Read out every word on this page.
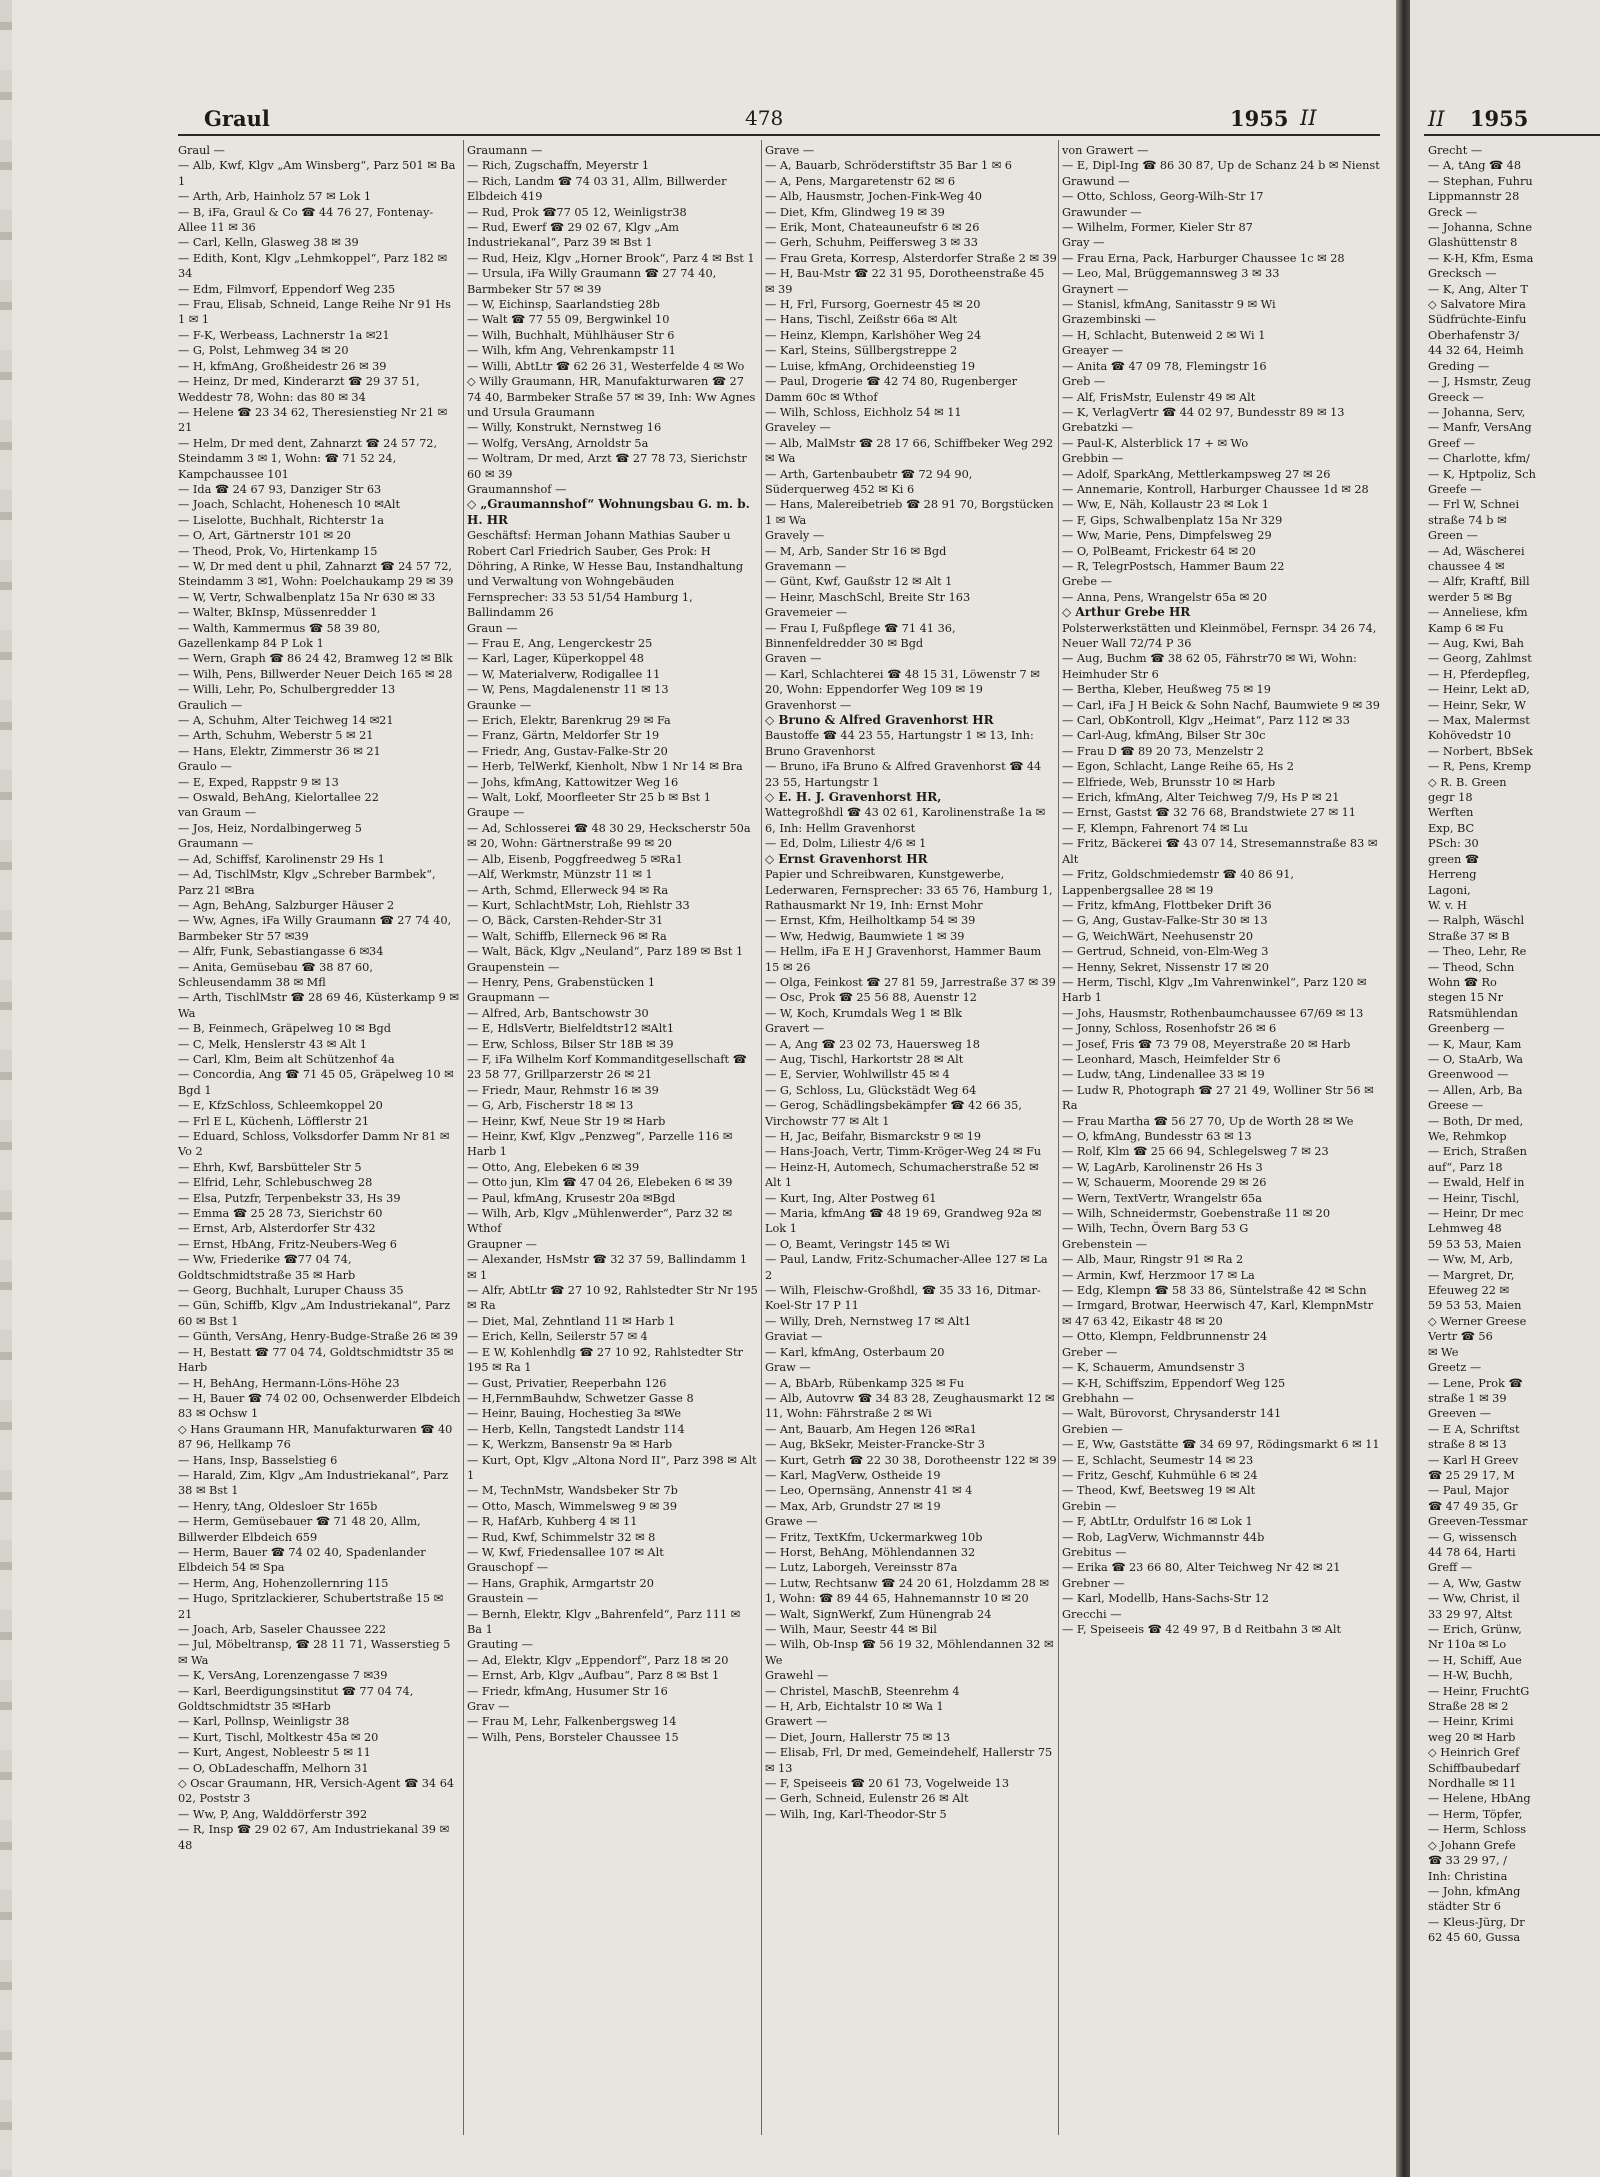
Graul	478	1955 II
Graul —
— Alb, Kwf, Klgv „Am Winsberg“, Parz 501 ✉ Ba 1
— Arth, Arb, Hainholz 57 ✉ Lok 1
— B, iFa, Graul & Co ☎ 44 76 27, Fontenay-Allee 11 ✉ 36
— Carl, Kelln, Glasweg 38 ✉ 39
— Edith, Kont, Klgv „Lehmkoppel“, Parz 182 ✉ 34
— Edm, Filmvorf, Eppendorf Weg 235
— Frau, Elisab, Schneid, Lange Reihe Nr 91 Hs 1 ✉ 1
— F-K, Werbeass, Lachnerstr 1a ✉21
— G, Polst, Lehmweg 34 ✉ 20
— H, kfmAng, Großheidestr 26 ✉ 39
— Heinz, Dr med, Kinderarzt ☎ 29 37 51, Weddestr 78, Wohn: das 80 ✉ 34
— Helene ☎ 23 34 62, Theresienstieg Nr 21 ✉ 21
— Helm, Dr med dent, Zahnarzt ☎ 24 57 72, Steindamm 3 ✉ 1, Wohn: ☎ 71 52 24, Kampchaussee 101
— Ida ☎ 24 67 93, Danziger Str 63
— Joach, Schlacht, Hohenesch 10 ✉Alt
— Liselotte, Buchhalt, Richterstr 1a
— O, Art, Gärtnerstr 101 ✉ 20
— Theod, Prok, Vo, Hirtenkamp 15
— W, Dr med dent u phil, Zahnarzt ☎ 24 57 72, Steindamm 3 ✉1, Wohn: Poelchaukamp 29 ✉ 39
— W, Vertr, Schwalbenplatz 15a Nr 630 ✉ 33
— Walter, BkInsp, Müssenredder 1
— Walth, Kammermus ☎ 58 39 80, Gazellenkamp 84 P Lok 1
— Wern, Graph ☎ 86 24 42, Bramweg 12 ✉ Blk
— Wilh, Pens, Billwerder Neuer Deich 165 ✉ 28
— Willi, Lehr, Po, Schulbergredder 13
Graulich —
— A, Schuhm, Alter Teichweg 14 ✉21
— Arth, Schuhm, Weberstr 5 ✉ 21
— Hans, Elektr, Zimmerstr 36 ✉ 21
Graulo —
— E, Exped, Rappstr 9 ✉ 13
— Oswald, BehAng, Kielortallee 22
van Graum —
— Jos, Heiz, Nordalbingerweg 5
Graumann —
— Ad, Schiffsf, Karolinenstr 29 Hs 1
— Ad, TischlMstr, Klgv „Schreber Barmbek“, Parz 21 ✉Bra
— Agn, BehAng, Salzburger Häuser 2
— Ww, Agnes, iFa Willy Graumann ☎ 27 74 40, Barmbeker Str 57 ✉39
— Alfr, Funk, Sebastiangasse 6 ✉34
— Anita, Gemüsebau ☎ 38 87 60, Schleusendamm 38 ✉ Mfl
— Arth, TischlMstr ☎ 28 69 46, Küsterkamp 9 ✉ Wa
— B, Feinmech, Gräpelweg 10 ✉ Bgd
— C, Melk, Henslerstr 43 ✉ Alt 1
— Carl, Klm, Beim alt Schützenhof 4a
— Concordia, Ang ☎ 71 45 05, Gräpelweg 10 ✉ Bgd 1
— E, KfzSchloss, Schleemkoppel 20
— Frl E L, Küchenh, Löfflerstr 21
— Eduard, Schloss, Volksdorfer Damm Nr 81 ✉ Vo 2
— Ehrh, Kwf, Barsbütteler Str 5
— Elfrid, Lehr, Schlebuschweg 28
— Elsa, Putzfr, Terpenbekstr 33, Hs 39
— Emma ☎ 25 28 73, Sierichstr 60
— Ernst, Arb, Alsterdorfer Str 432
— Ernst, HbAng, Fritz-Neubers-Weg 6
— Ww, Friederike ☎77 04 74, Goldtschmidtstraße 35 ✉ Harb
— Georg, Buchhalt, Luruper Chauss 35
— Gün, Schiffb, Klgv „Am Industriekanal“, Parz 60 ✉ Bst 1
— Günth, VersAng, Henry-Budge-Straße 26 ✉ 39
— H, Bestatt ☎ 77 04 74, Goldtschmidtstr 35 ✉ Harb
— H, BehAng, Hermann-Löns-Höhe 23
— H, Bauer ☎ 74 02 00, Ochsenwerder Elbdeich 83 ✉ Ochsw 1
◇ Hans Graumann HR, Manufakturwaren ☎ 40 87 96, Hellkamp 76
— Hans, Insp, Basselstieg 6
— Harald, Zim, Klgv „Am Industriekanal“, Parz 38 ✉ Bst 1
— Henry, tAng, Oldesloer Str 165b
— Herm, Gemüsebauer ☎ 71 48 20, Allm, Billwerder Elbdeich 659
— Herm, Bauer ☎ 74 02 40, Spadenlander Elbdeich 54 ✉ Spa
— Herm, Ang, Hohenzollernring 115
— Hugo, Spritzlackierer, Schubertstraße 15 ✉ 21
— Joach, Arb, Saseler Chaussee 222
— Jul, Möbeltransp, ☎ 28 11 71, Wasserstieg 5 ✉ Wa
— K, VersAng, Lorenzengasse 7 ✉39
— Karl, Beerdigungsinstitut ☎ 77 04 74, Goldtschmidtstr 35 ✉Harb
— Karl, Pollnsp, Weinligstr 38
— Kurt, Tischl, Moltkestr 45a ✉ 20
— Kurt, Angest, Nobleestr 5 ✉ 11
— O, ObLadeschaffn, Melhorn 31
◇ Oscar Graumann, HR, Versich-Agent ☎ 34 64 02, Poststr 3
— Ww, P, Ang, Walddörferstr 392
— R, Insp ☎ 29 02 67, Am Industriekanal 39 ✉ 48
Graumann —
— Rich, Zugschaffn, Meyerstr 1
— Rich, Landm ☎ 74 03 31, Allm, Billwerder Elbdeich 419
— Rud, Prok ☎77 05 12, Weinligstr38
— Rud, Ewerf ☎ 29 02 67, Klgv „Am Industriekanal“, Parz 39 ✉ Bst 1
— Rud, Heiz, Klgv „Horner Brook“, Parz 4 ✉ Bst 1
— Ursula, iFa Willy Graumann ☎ 27 74 40, Barmbeker Str 57 ✉ 39
— W, Eichinsp, Saarlandstieg 28b
— Walt ☎ 77 55 09, Bergwinkel 10
— Wilh, Buchhalt, Mühlhäuser Str 6
— Wilh, kfm Ang, Vehrenkampstr 11
— Willi, AbtLtr ☎ 62 26 31, Westerfelde 4 ✉ Wo
◇ Willy Graumann, HR, Manufakturwaren ☎ 27 74 40, Barmbeker Straße 57 ✉ 39, Inh: Ww Agnes und Ursula Graumann
— Willy, Konstrukt, Nernstweg 16
— Wolfg, VersAng, Arnoldstr 5a
— Woltram, Dr med, Arzt ☎ 27 78 73, Sierichstr 60 ✉ 39
Graumannshof —
◇ „Graumannshof“ Wohnungsbau G. m. b. H. HR
Geschäftsf: Herman Johann Mathias Sauber u Robert Carl Friedrich Sauber, Ges Prok: H Döhring, A Rinke, W Hesse Bau, Instandhaltung und Verwaltung von Wohngebäuden Fernsprecher: 33 53 51/54 Hamburg 1, Ballindamm 26
Graun —
— Frau E, Ang, Lengerckestr 25
— Karl, Lager, Küperkoppel 48
— W, Materialverw, Rodigallee 11
— W, Pens, Magdalenenstr 11 ✉ 13
Graunke —
— Erich, Elektr, Barenkrug 29 ✉ Fa
— Franz, Gärtn, Meldorfer Str 19
— Friedr, Ang, Gustav-Falke-Str 20
— Herb, TelWerkf, Kienholt, Nbw 1 Nr 14 ✉ Bra
— Johs, kfmAng, Kattowitzer Weg 16
— Walt, Lokf, Moorfleeter Str 25 b ✉ Bst 1
Graupe —
— Ad, Schlosserei ☎ 48 30 29, Heckscherstr 50a ✉ 20, Wohn: Gärtnerstraße 99 ✉ 20
— Alb, Eisenb, Poggfreedweg 5 ✉Ra1
—Alf, Werkmstr, Münzstr 11 ✉ 1
— Arth, Schmd, Ellerweck 94 ✉ Ra
— Kurt, SchlachtMstr, Loh, Riehlstr 33
— O, Bäck, Carsten-Rehder-Str 31
— Walt, Schiffb, Ellerneck 96 ✉ Ra
— Walt, Bäck, Klgv „Neuland“, Parz 189 ✉ Bst 1
Graupenstein —
— Henry, Pens, Grabenstücken 1
Graupmann —
— Alfred, Arb, Bantschowstr 30
— E, HdlsVertr, Bielfeldtstr12 ✉Alt1
— Erw, Schloss, Bilser Str 18B ✉ 39
— F, iFa Wilhelm Korf Kommanditgesellschaft ☎ 23 58 77, Grillparzerstr 26 ✉ 21
— Friedr, Maur, Rehmstr 16 ✉ 39
— G, Arb, Fischerstr 18 ✉ 13
— Heinr, Kwf, Neue Str 19 ✉ Harb
— Heinr, Kwf, Klgv „Penzweg“, Parzelle 116 ✉ Harb 1
— Otto, Ang, Elebeken 6 ✉ 39
— Otto jun, Klm ☎ 47 04 26, Elebeken 6 ✉ 39
— Paul, kfmAng, Krusestr 20a ✉Bgd
— Wilh, Arb, Klgv „Mühlenwerder“, Parz 32 ✉ Wthof
Graupner —
— Alexander, HsMstr ☎ 32 37 59, Ballindamm 1 ✉ 1
— Alfr, AbtLtr ☎ 27 10 92, Rahlstedter Str Nr 195 ✉ Ra
— Diet, Mal, Zehntland 11 ✉ Harb 1
— Erich, Kelln, Seilerstr 57 ✉ 4
— E W, Kohlenhdlg ☎ 27 10 92, Rahlstedter Str 195 ✉ Ra 1
— Gust, Privatier, Reeperbahn 126
— H,FernmBauhdw, Schwetzer Gasse 8
— Heinr, Bauing, Hochestieg 3a ✉We
— Herb, Kelln, Tangstedt Landstr 114
— K, Werkzm, Bansenstr 9a ✉ Harb
— Kurt, Opt, Klgv „Altona Nord II“, Parz 398 ✉ Alt 1
— M, TechnMstr, Wandsbeker Str 7b
— Otto, Masch, Wimmelsweg 9 ✉ 39
— R, HafArb, Kuhberg 4 ✉ 11
— Rud, Kwf, Schimmelstr 32 ✉ 8
— W, Kwf, Friedensallee 107 ✉ Alt
Grauschopf —
— Hans, Graphik, Armgartstr 20
Graustein —
— Bernh, Elektr, Klgv „Bahrenfeld“, Parz 111 ✉ Ba 1
Grauting —
— Ad, Elektr, Klgv „Eppendorf“, Parz 18 ✉ 20
— Ernst, Arb, Klgv „Aufbau“, Parz 8 ✉ Bst 1
— Friedr, kfmAng, Husumer Str 16
Grav —
— Frau M, Lehr, Falkenbergsweg 14
— Wilh, Pens, Borsteler Chaussee 15
Grave —
— A, Bauarb, Schröderstiftstr 35 Bar 1 ✉ 6
— A, Pens, Margaretenstr 62 ✉ 6
— Alb, Hausmstr, Jochen-Fink-Weg 40
— Diet, Kfm, Glindweg 19 ✉ 39
— Erik, Mont, Chateauneufstr 6 ✉ 26
— Gerh, Schuhm, Peiffersweg 3 ✉ 33
— Frau Greta, Korresp, Alsterdorfer Straße 2 ✉ 39
— H, Bau-Mstr ☎ 22 31 95, Dorotheenstraße 45 ✉ 39
— H, Frl, Fursorg, Goernestr 45 ✉ 20
— Hans, Tischl, Zeißstr 66a ✉ Alt
— Heinz, Klempn, Karlshöher Weg 24
— Karl, Steins, Süllbergstreppe 2
— Luise, kfmAng, Orchideenstieg 19
— Paul, Drogerie ☎ 42 74 80, Rugenberger Damm 60c ✉ Wthof
— Wilh, Schloss, Eichholz 54 ✉ 11
Graveley —
— Alb, MalMstr ☎ 28 17 66, Schiffbeker Weg 292 ✉ Wa
— Arth, Gartenbaubetr ☎ 72 94 90, Süderquerweg 452 ✉ Ki 6
— Hans, Malereibetrieb ☎ 28 91 70, Borgstücken 1 ✉ Wa
Gravely —
— M, Arb, Sander Str 16 ✉ Bgd
Gravemann —
— Günt, Kwf, Gaußstr 12 ✉ Alt 1
— Heinr, MaschSchl, Breite Str 163
Gravemeier —
— Frau I, Fußpflege ☎ 71 41 36, Binnenfeldredder 30 ✉ Bgd
Graven —
— Karl, Schlachterei ☎ 48 15 31, Löwenstr 7 ✉ 20, Wohn: Eppendorfer Weg 109 ✉ 19
Gravenhorst —
◇ Bruno & Alfred Gravenhorst HR
Baustoffe ☎ 44 23 55, Hartungstr 1 ✉ 13, Inh: Bruno Gravenhorst
— Bruno, iFa Bruno & Alfred Gravenhorst ☎ 44 23 55, Hartungstr 1
◇ E. H. J. Gravenhorst HR,
Wattegroßhdl ☎ 43 02 61, Karolinenstraße 1a ✉ 6, Inh: Hellm Gravenhorst
— Ed, Dolm, Liliestr 4/6 ✉ 1
◇ Ernst Gravenhorst HR
Papier und Schreibwaren, Kunstgewerbe, Lederwaren, Fernsprecher: 33 65 76, Hamburg 1, Rathausmarkt Nr 19, Inh: Ernst Mohr
— Ernst, Kfm, Heilholtkamp 54 ✉ 39
— Ww, Hedwig, Baumwiete 1 ✉ 39
— Hellm, iFa E H J Gravenhorst, Hammer Baum 15 ✉ 26
— Olga, Feinkost ☎ 27 81 59, Jarrestraße 37 ✉ 39
— Osc, Prok ☎ 25 56 88, Auenstr 12
— W, Koch, Krumdals Weg 1 ✉ Blk
Gravert —
— A, Ang ☎ 23 02 73, Hauersweg 18
— Aug, Tischl, Harkortstr 28 ✉ Alt
— E, Servier, Wohlwillstr 45 ✉ 4
— G, Schloss, Lu, Glückstädt Weg 64
— Gerog, Schädlingsbekämpfer ☎ 42 66 35, Virchowstr 77 ✉ Alt 1
— H, Jac, Beifahr, Bismarckstr 9 ✉ 19
— Hans-Joach, Vertr, Timm-Kröger-Weg 24 ✉ Fu
— Heinz-H, Automech, Schumacherstraße 52 ✉ Alt 1
— Kurt, Ing, Alter Postweg 61
— Maria, kfmAng ☎ 48 19 69, Grandweg 92a ✉ Lok 1
— O, Beamt, Veringstr 145 ✉ Wi
— Paul, Landw, Fritz-Schumacher-Allee 127 ✉ La 2
— Wilh, Fleischw-Großhdl, ☎ 35 33 16, Ditmar-Koel-Str 17 P 11
— Willy, Dreh, Nernstweg 17 ✉ Alt1
Graviat —
— Karl, kfmAng, Osterbaum 20
Graw —
— A, BbArb, Rübenkamp 325 ✉ Fu
— Alb, Autovrw ☎ 34 83 28, Zeughausmarkt 12 ✉ 11, Wohn: Fährstraße 2 ✉ Wi
— Ant, Bauarb, Am Hegen 126 ✉Ra1
— Aug, BkSekr, Meister-Francke-Str 3
— Kurt, Getrh ☎ 22 30 38, Dorotheenstr 122 ✉ 39
— Karl, MagVerw, Ostheide 19
— Leo, Opernsäng, Annenstr 41 ✉ 4
— Max, Arb, Grundstr 27 ✉ 19
Grawe —
— Fritz, TextKfm, Uckermarkweg 10b
— Horst, BehAng, Möhlendannen 32
— Lutz, Laborgeh, Vereinsstr 87a
— Lutw, Rechtsanw ☎ 24 20 61, Holzdamm 28 ✉ 1, Wohn: ☎ 89 44 65, Hahnemannstr 10 ✉ 20
— Walt, SignWerkf, Zum Hünengrab 24
— Wilh, Maur, Seestr 44 ✉ Bil
— Wilh, Ob-Insp ☎ 56 19 32, Möhlendannen 32 ✉ We
Grawehl —
— Christel, MaschB, Steenrehm 4
— H, Arb, Eichtalstr 10 ✉ Wa 1
Grawert —
— Diet, Journ, Hallerstr 75 ✉ 13
— Elisab, Frl, Dr med, Gemeindehelf, Hallerstr 75 ✉ 13
— F, Speiseeis ☎ 20 61 73, Vogelweide 13
— Gerh, Schneid, Eulenstr 26 ✉ Alt
— Wilh, Ing, Karl-Theodor-Str 5
von Grawert —
— E, Dipl-Ing ☎ 86 30 87, Up de Schanz 24 b ✉ Nienst
Grawund —
— Otto, Schloss, Georg-Wilh-Str 17
Grawunder —
— Wilhelm, Former, Kieler Str 87
Gray —
— Frau Erna, Pack, Harburger Chaussee 1c ✉ 28
— Leo, Mal, Brüggemannsweg 3 ✉ 33
Graynert —
— Stanisl, kfmAng, Sanitasstr 9 ✉ Wi
Grazembinski —
— H, Schlacht, Butenweid 2 ✉ Wi 1
Greayer —
— Anita ☎ 47 09 78, Flemingstr 16
Greb —
— Alf, FrisMstr, Eulenstr 49 ✉ Alt
— K, VerlagVertr ☎ 44 02 97, Bundesstr 89 ✉ 13
Grebatzki —
— Paul-K, Alsterblick 17 + ✉ Wo
Grebbin —
— Adolf, SparkAng, Mettlerkampsweg 27 ✉ 26
— Annemarie, Kontroll, Harburger Chaussee 1d ✉ 28
— Ww, E, Näh, Kollaustr 23 ✉ Lok 1
— F, Gips, Schwalbenplatz 15a Nr 329
— Ww, Marie, Pens, Dimpfelsweg 29
— O, PolBeamt, Frickestr 64 ✉ 20
— R, TelegrPostsch, Hammer Baum 22
Grebe —
— Anna, Pens, Wrangelstr 65a ✉ 20
◇ Arthur Grebe HR
Polsterwerkstätten und Kleinmöbel, Fernspr. 34 26 74, Neuer Wall 72/74 P 36
— Aug, Buchm ☎ 38 62 05, Fährstr70 ✉ Wi, Wohn: Heimhuder Str 6
— Bertha, Kleber, Heußweg 75 ✉ 19
— Carl, iFa J H Beick & Sohn Nachf, Baumwiete 9 ✉ 39
— Carl, ObKontroll, Klgv „Heimat“, Parz 112 ✉ 33
— Carl-Aug, kfmAng, Bilser Str 30c
— Frau D ☎ 89 20 73, Menzelstr 2
— Egon, Schlacht, Lange Reihe 65, Hs 2
— Elfriede, Web, Brunsstr 10 ✉ Harb
— Erich, kfmAng, Alter Teichweg 7/9, Hs P ✉ 21
— Ernst, Gastst ☎ 32 76 68, Brandstwiete 27 ✉ 11
— F, Klempn, Fahrenort 74 ✉ Lu
— Fritz, Bäckerei ☎ 43 07 14, Stresemannstraße 83 ✉ Alt
— Fritz, Goldschmiedemstr ☎ 40 86 91, Lappenbergsallee 28 ✉ 19
— Fritz, kfmAng, Flottbeker Drift 36
— G, Ang, Gustav-Falke-Str 30 ✉ 13
— G, WeichWärt, Neehusenstr 20
— Gertrud, Schneid, von-Elm-Weg 3
— Henny, Sekret, Nissenstr 17 ✉ 20
— Herm, Tischl, Klgv „Im Vahrenwinkel“, Parz 120 ✉ Harb 1
— Johs, Hausmstr, Rothenbaumchaussee 67/69 ✉ 13
— Jonny, Schloss, Rosenhofstr 26 ✉ 6
— Josef, Fris ☎ 73 79 08, Meyerstraße 20 ✉ Harb
— Leonhard, Masch, Heimfelder Str 6
— Ludw, tAng, Lindenallee 33 ✉ 19
— Ludw R, Photograph ☎ 27 21 49, Wolliner Str 56 ✉ Ra
— Frau Martha ☎ 56 27 70, Up de Worth 28 ✉ We
— O, kfmAng, Bundesstr 63 ✉ 13
— Rolf, Klm ☎ 25 66 94, Schlegelsweg 7 ✉ 23
— W, LagArb, Karolinenstr 26 Hs 3
— W, Schauerm, Moorende 29 ✉ 26
— Wern, TextVertr, Wrangelstr 65a
— Wilh, Schneidermstr, Goebenstraße 11 ✉ 20
— Wilh, Techn, Övern Barg 53 G
Grebenstein —
— Alb, Maur, Ringstr 91 ✉ Ra 2
— Armin, Kwf, Herzmoor 17 ✉ La
— Edg, Klempn ☎ 58 33 86, Süntelstraße 42 ✉ Schn
— Irmgard, Brotwar, Heerwisch 47, Karl, KlempnMstr ✉ 47 63 42, Eikastr 48 ✉ 20
— Otto, Klempn, Feldbrunnenstr 24
Greber —
— K, Schauerm, Amundsenstr 3
— K-H, Schiffszim, Eppendorf Weg 125
Grebhahn —
— Walt, Bürovorst, Chrysanderstr 141
Grebien —
— E, Ww, Gaststätte ☎ 34 69 97, Rödingsmarkt 6 ✉ 11
— E, Schlacht, Seumestr 14 ✉ 23
— Fritz, Geschf, Kuhmühle 6 ✉ 24
— Theod, Kwf, Beetsweg 19 ✉ Alt
Grebin —
— F, AbtLtr, Ordulfstr 16 ✉ Lok 1
— Rob, LagVerw, Wichmannstr 44b
Grebitus —
— Erika ☎ 23 66 80, Alter Teichweg Nr 42 ✉ 21
Grebner —
— Karl, Modellb, Hans-Sachs-Str 12
Grecchi —
— F, Speiseeis ☎ 42 49 97, B d Reitbahn 3 ✉ Alt
II 1955
Grecht —
— A, tAng ☎ 48
— Stephan, Fuhru
Lippmannstr 28
Greck —
— Johanna, Schne
Glashüttenstr 8
— K-H, Kfm, Esma
Grecksch —
— K, Ang, Alter T
◇ Salvatore Mira
Südfrüchte-Einfu
Oberhafenstr 3/
44 32 64, Heimh
Greding —
— J, Hsmstr, Zeug
Greeck —
— Johanna, Serv,
— Manfr, VersAng
Greef —
— Charlotte, kfm/
— K, Hptpoliz, Sch
Greefe —
— Frl W, Schnei
straße 74 b ✉
Green —
— Ad, Wäscherei
chaussee 4 ✉
— Alfr, Kraftf, Bill
werder 5 ✉ Bg
— Anneliese, kfm
Kamp 6 ✉ Fu
— Aug, Kwi, Bah
— Georg, Zahlmst
— H, Pferdepfleg,
— Heinr, Lekt aD,
— Heinr, Sekr, W
— Max, Malermst
Kohövedstr 10
— Norbert, BbSek
— R, Pens, Kremp
◇ R. B. Green
gegr 18
Werften
Exp, BC
PSch: 30
green ☎
Herreng
Lagoni,
W. v. H
— Ralph, Wäschl
Straße 37 ✉ B
— Theo, Lehr, Re
— Theod, Schn
Wohn ☎ Ro
stegen 15 Nr
Ratsmühlendan
Greenberg —
— K, Maur, Kam
— O, StaArb, Wa
Greenwood —
— Allen, Arb, Ba
Greese —
— Both, Dr med,
We, Rehmkop
— Erich, Straßen
auf“, Parz 18
— Ewald, Helf in
— Heinr, Tischl,
— Heinr, Dr mec
Lehmweg 48
59 53 53, Maien
— Ww, M, Arb,
— Margret, Dr,
Efeuweg 22 ✉
59 53 53, Maien
◇ Werner Greese
Vertr ☎ 56
✉ We
Greetz —
— Lene, Prok ☎
straße 1 ✉ 39
Greeven —
— E A, Schriftst
straße 8 ✉ 13
— Karl H Greev
☎ 25 29 17, M
— Paul, Major
☎ 47 49 35, Gr
Greeven-Tessmar
— G, wissensch
44 78 64, Harti
Greff —
— A, Ww, Gastw
— Ww, Christ, il
33 29 97, Altst
— Erich, Grünw,
Nr 110a ✉ Lo
— H, Schiff, Aue
— H-W, Buchh,
— Heinr, FruchtG
Straße 28 ✉ 2
— Heinr, Krimi
weg 20 ✉ Harb
◇ Heinrich Gref
Schiffbaubedarf
Nordhalle ✉ 11
— Helene, HbAng
— Herm, Töpfer,
— Herm, Schloss
◇ Johann Grefe
☎ 33 29 97, /
Inh: Christina
— John, kfmAng
städter Str 6
— Kleus-Jürg, Dr
62 45 60, Gussa
